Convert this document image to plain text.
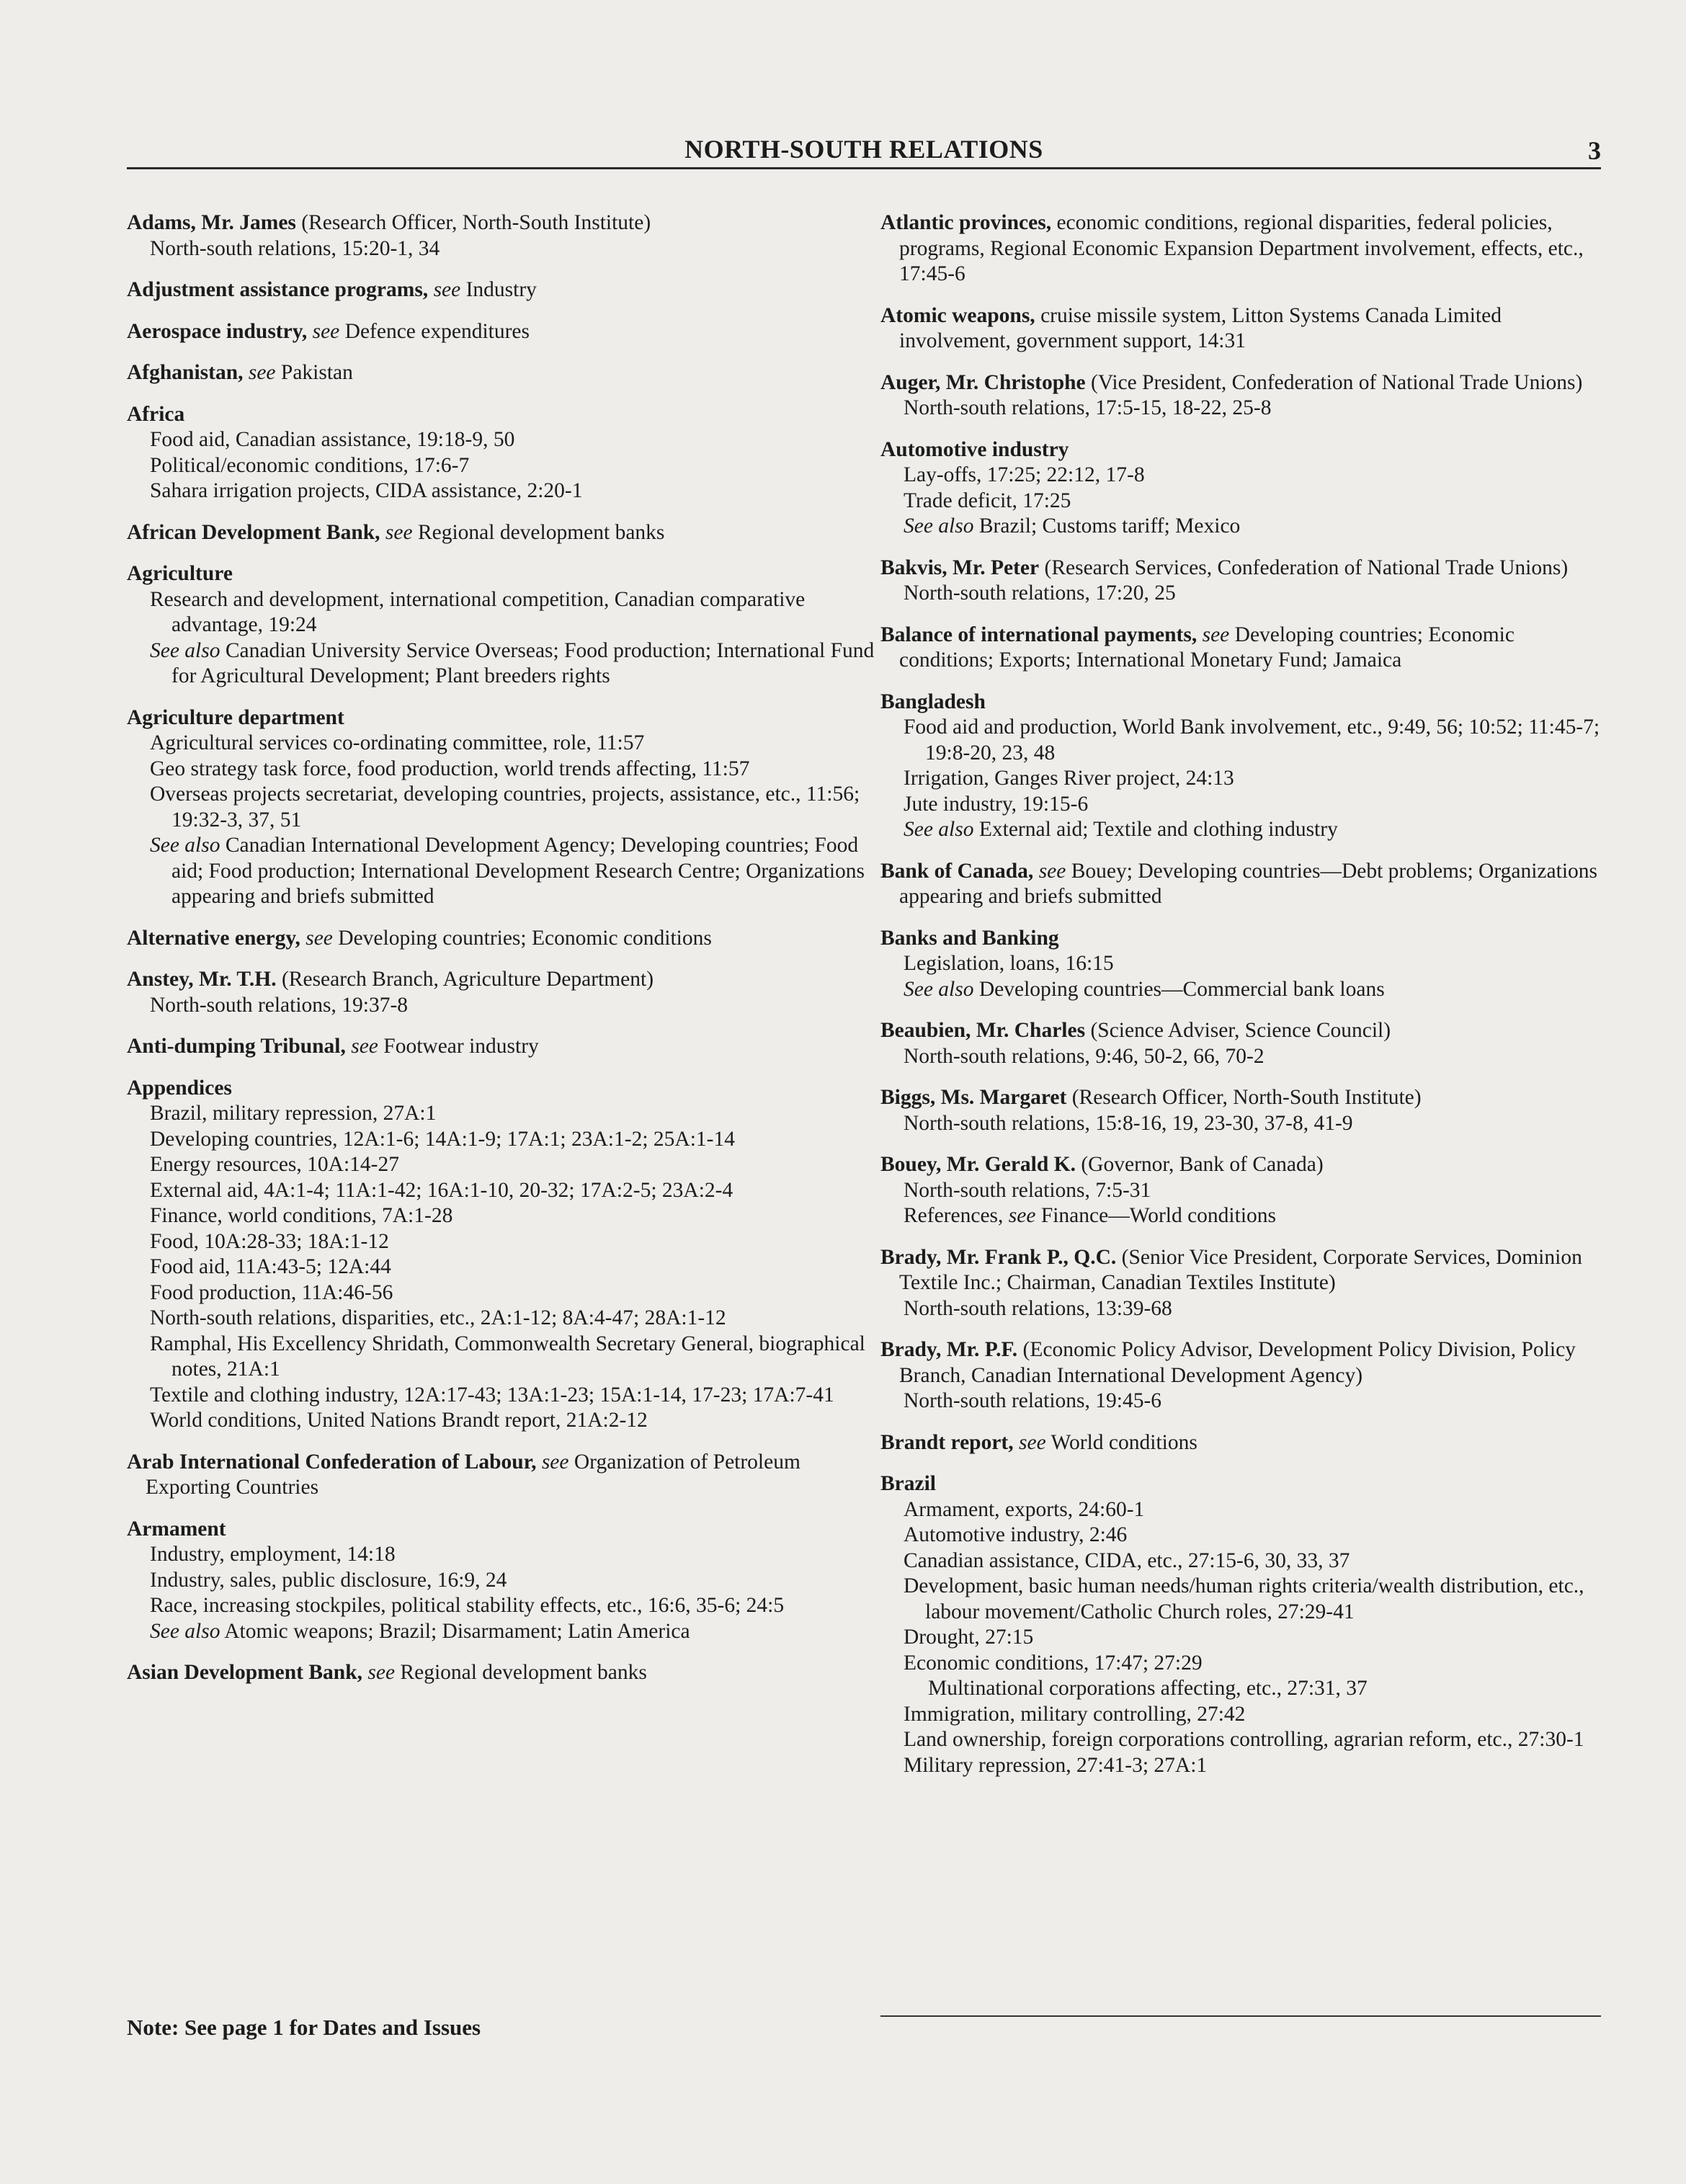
NORTH-SOUTH RELATIONS	3
Adams, Mr. James (Research Officer, North-South Institute)
North-south relations, 15:20-1, 34
Adjustment assistance programs, see Industry
Aerospace industry, see Defence expenditures
Afghanistan, see Pakistan
Africa
Food aid, Canadian assistance, 19:18-9, 50
Political/economic conditions, 17:6-7
Sahara irrigation projects, CIDA assistance, 2:20-1
African Development Bank, see Regional development banks
Agriculture
Research and development, international competition, Canadian comparative advantage, 19:24
See also Canadian University Service Overseas; Food production; International Fund for Agricultural Development; Plant breeders rights
Agriculture department
Agricultural services co-ordinating committee, role, 11:57
Geo strategy task force, food production, world trends affecting, 11:57
Overseas projects secretariat, developing countries, projects, assistance, etc., 11:56; 19:32-3, 37, 51
See also Canadian International Development Agency; Developing countries; Food aid; Food production; International Development Research Centre; Organizations appearing and briefs submitted
Alternative energy, see Developing countries; Economic conditions
Anstey, Mr. T.H. (Research Branch, Agriculture Department)
North-south relations, 19:37-8
Anti-dumping Tribunal, see Footwear industry
Appendices
Brazil, military repression, 27A:1
Developing countries, 12A:1-6; 14A:1-9; 17A:1; 23A:1-2; 25A:1-14
Energy resources, 10A:14-27
External aid, 4A:1-4; 11A:1-42; 16A:1-10, 20-32; 17A:2-5; 23A:2-4
Finance, world conditions, 7A:1-28
Food, 10A:28-33; 18A:1-12
Food aid, 11A:43-5; 12A:44
Food production, 11A:46-56
North-south relations, disparities, etc., 2A:1-12; 8A:4-47; 28A:1-12
Ramphal, His Excellency Shridath, Commonwealth Secretary General, biographical notes, 21A:1
Textile and clothing industry, 12A:17-43; 13A:1-23; 15A:1-14, 17-23; 17A:7-41
World conditions, United Nations Brandt report, 21A:2-12
Arab International Confederation of Labour, see Organization of Petroleum Exporting Countries
Armament
Industry, employment, 14:18
Industry, sales, public disclosure, 16:9, 24
Race, increasing stockpiles, political stability effects, etc., 16:6, 35-6; 24:5
See also Atomic weapons; Brazil; Disarmament; Latin America
Asian Development Bank, see Regional development banks
Atlantic provinces, economic conditions, regional disparities, federal policies, programs, Regional Economic Expansion Department involvement, effects, etc., 17:45-6
Atomic weapons, cruise missile system, Litton Systems Canada Limited involvement, government support, 14:31
Auger, Mr. Christophe (Vice President, Confederation of National Trade Unions)
North-south relations, 17:5-15, 18-22, 25-8
Automotive industry
Lay-offs, 17:25; 22:12, 17-8
Trade deficit, 17:25
See also Brazil; Customs tariff; Mexico
Bakvis, Mr. Peter (Research Services, Confederation of National Trade Unions)
North-south relations, 17:20, 25
Balance of international payments, see Developing countries; Economic conditions; Exports; International Monetary Fund; Jamaica
Bangladesh
Food aid and production, World Bank involvement, etc., 9:49, 56; 10:52; 11:45-7; 19:8-20, 23, 48
Irrigation, Ganges River project, 24:13
Jute industry, 19:15-6
See also External aid; Textile and clothing industry
Bank of Canada, see Bouey; Developing countries—Debt problems; Organizations appearing and briefs submitted
Banks and Banking
Legislation, loans, 16:15
See also Developing countries—Commercial bank loans
Beaubien, Mr. Charles (Science Adviser, Science Council)
North-south relations, 9:46, 50-2, 66, 70-2
Biggs, Ms. Margaret (Research Officer, North-South Institute)
North-south relations, 15:8-16, 19, 23-30, 37-8, 41-9
Bouey, Mr. Gerald K. (Governor, Bank of Canada)
North-south relations, 7:5-31
References, see Finance—World conditions
Brady, Mr. Frank P., Q.C. (Senior Vice President, Corporate Services, Dominion Textile Inc.; Chairman, Canadian Textiles Institute)
North-south relations, 13:39-68
Brady, Mr. P.F. (Economic Policy Advisor, Development Policy Division, Policy Branch, Canadian International Development Agency)
North-south relations, 19:45-6
Brandt report, see World conditions
Brazil
Armament, exports, 24:60-1
Automotive industry, 2:46
Canadian assistance, CIDA, etc., 27:15-6, 30, 33, 37
Development, basic human needs/human rights criteria/wealth distribution, etc., labour movement/Catholic Church roles, 27:29-41
Drought, 27:15
Economic conditions, 17:47; 27:29
Multinational corporations affecting, etc., 27:31, 37
Immigration, military controlling, 27:42
Land ownership, foreign corporations controlling, agrarian reform, etc., 27:30-1
Military repression, 27:41-3; 27A:1
Note: See page 1 for Dates and Issues
